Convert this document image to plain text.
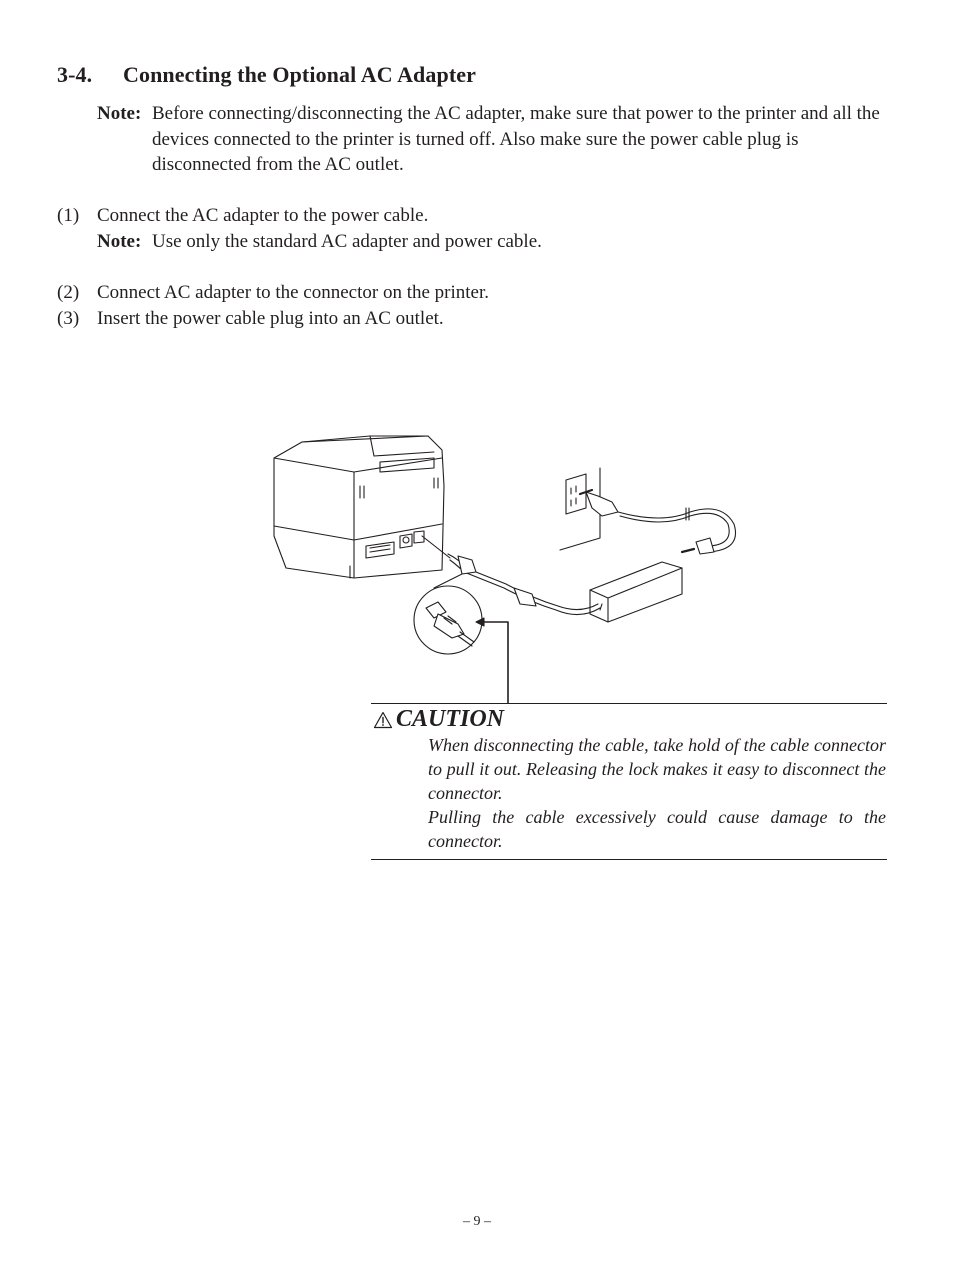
3-4. Connecting the Optional AC Adapter
Note: Before connecting/disconnecting the AC adapter, make sure that power to the printer and all the devices connected to the printer is turned off. Also make sure the power cable plug is disconnected from the AC outlet.
(1) Connect the AC adapter to the power cable.
Note: Use only the standard AC adapter and power cable.
(2) Connect AC adapter to the connector on the printer.
(3) Insert the power cable plug into an AC outlet.
CAUTION

When disconnecting the cable, take hold of the cable connector to pull it out. Releasing the lock makes it easy to disconnect the connector.

Pulling the cable excessively could cause damage to the connector.

– 9 –
